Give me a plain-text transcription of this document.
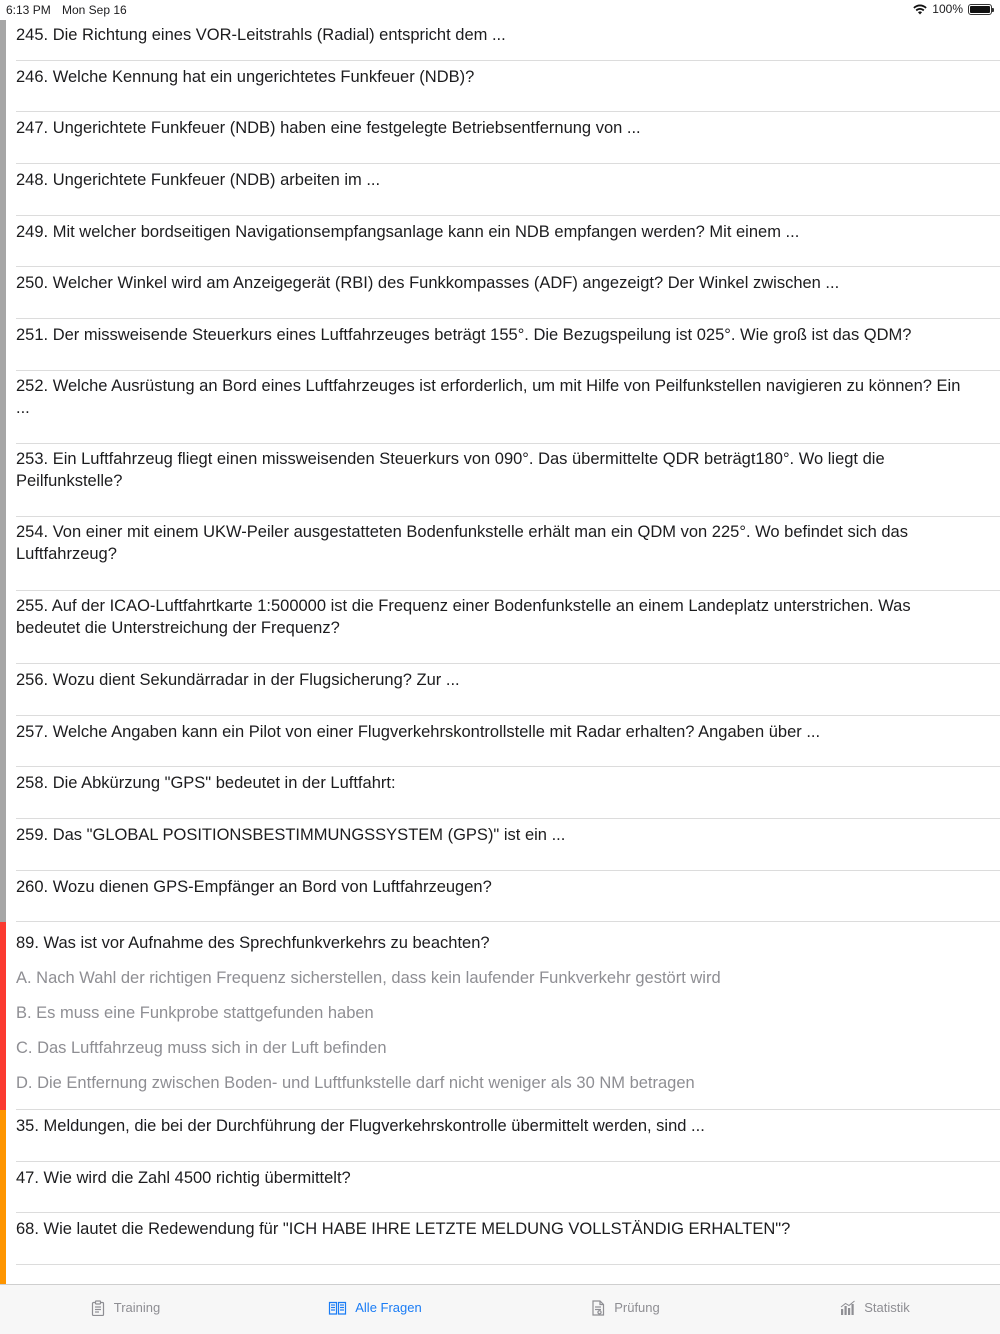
6:13 PM Mon Sep 16	100%
245. Die Richtung eines VOR-Leitstrahls (Radial) entspricht dem ...
246. Welche Kennung hat ein ungerichtetes Funkfeuer (NDB)?
247. Ungerichtete Funkfeuer (NDB) haben eine festgelegte Betriebsentfernung von ...
248. Ungerichtete Funkfeuer (NDB) arbeiten im ...
249. Mit welcher bordseitigen Navigationsempfangsanlage kann ein NDB empfangen werden? Mit einem ...
250. Welcher Winkel wird am Anzeigegerät (RBI) des Funkkompasses (ADF) angezeigt? Der Winkel zwischen ...
251. Der missweisende Steuerkurs eines Luftfahrzeuges beträgt 155°. Die Bezugspeilung ist 025°. Wie groß ist das QDM?
252. Welche Ausrüstung an Bord eines Luftfahrzeuges ist erforderlich, um mit Hilfe von Peilfunkstellen navigieren zu können? Ein ...
253. Ein Luftfahrzeug fliegt einen missweisenden Steuerkurs von 090°. Das übermittelte QDR beträgt180°. Wo liegt die Peilfunkstelle?
254. Von einer mit einem UKW-Peiler ausgestatteten Bodenfunkstelle erhält man ein QDM von 225°. Wo befindet sich das Luftfahrzeug?
255. Auf der ICAO-Luftfahrtkarte 1:500000 ist die Frequenz einer Bodenfunkstelle an einem Landeplatz unterstrichen. Was bedeutet die Unterstreichung der Frequenz?
256. Wozu dient Sekundärradar in der Flugsicherung? Zur ...
257. Welche Angaben kann ein Pilot von einer Flugverkehrskontrollstelle mit Radar erhalten? Angaben über ...
258. Die Abkürzung "GPS" bedeutet in der Luftfahrt:
259. Das "GLOBAL POSITIONSBESTIMMUNGSSYSTEM (GPS)" ist ein ...
260. Wozu dienen GPS-Empfänger an Bord von Luftfahrzeugen?
89. Was ist vor Aufnahme des Sprechfunkverkehrs zu beachten?
A. Nach Wahl der richtigen Frequenz sicherstellen, dass kein laufender Funkverkehr gestört wird
B. Es muss eine Funkprobe stattgefunden haben
C. Das Luftfahrzeug muss sich in der Luft befinden
D. Die Entfernung zwischen Boden- und Luftfunkstelle darf nicht weniger als 30 NM betragen
35. Meldungen, die bei der Durchführung der Flugverkehrskontrolle übermittelt werden, sind ...
47. Wie wird die Zahl 4500 richtig übermittelt?
68. Wie lautet die Redewendung für "ICH HABE IHRE LETZTE MELDUNG VOLLSTÄNDIG ERHALTEN"?
Training	Alle Fragen	Prüfung	Statistik
